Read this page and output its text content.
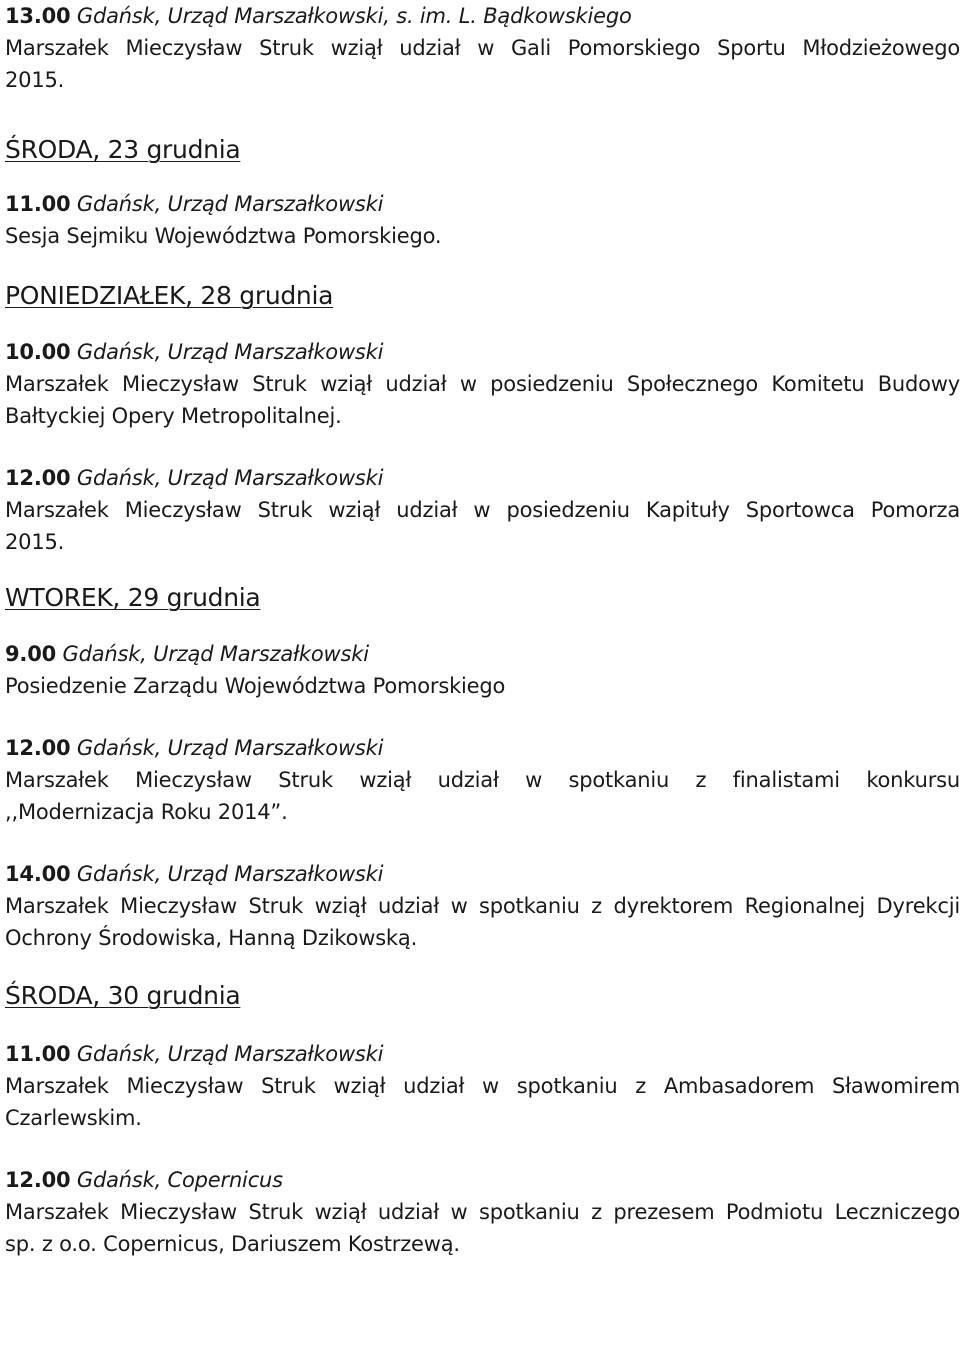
13.00 Gdańsk, Urząd Marszałkowski, s. im. L. Bądkowskiego
Marszałek Mieczysław Struk wziął udział w Gali Pomorskiego Sportu Młodzieżowego
2015.
ŚRODA, 23 grudnia
11.00 Gdańsk, Urząd Marszałkowski
Sesja Sejmiku Województwa Pomorskiego.
PONIEDZIAŁEK, 28 grudnia
10.00 Gdańsk, Urząd Marszałkowski
Marszałek Mieczysław Struk wziął udział w posiedzeniu Społecznego Komitetu Budowy
Bałtyckiej Opery Metropolitalnej.
12.00 Gdańsk, Urząd Marszałkowski
Marszałek Mieczysław Struk wziął udział w posiedzeniu Kapituły Sportowca Pomorza
2015.
WTOREK, 29 grudnia
9.00 Gdańsk, Urząd Marszałkowski
Posiedzenie Zarządu Województwa Pomorskiego
12.00 Gdańsk, Urząd Marszałkowski
Marszałek Mieczysław Struk wziął udział w spotkaniu z finalistami konkursu
,,Modernizacja Roku 2014”.
14.00 Gdańsk, Urząd Marszałkowski
Marszałek Mieczysław Struk wziął udział w spotkaniu z dyrektorem Regionalnej Dyrekcji
Ochrony Środowiska, Hanną Dzikowską.
ŚRODA, 30 grudnia
11.00 Gdańsk, Urząd Marszałkowski
Marszałek Mieczysław Struk wziął udział w spotkaniu z Ambasadorem Sławomirem
Czarlewskim.
12.00 Gdańsk, Copernicus
Marszałek Mieczysław Struk wziął udział w spotkaniu z prezesem Podmiotu Leczniczego
sp. z o.o. Copernicus, Dariuszem Kostrzewą.
